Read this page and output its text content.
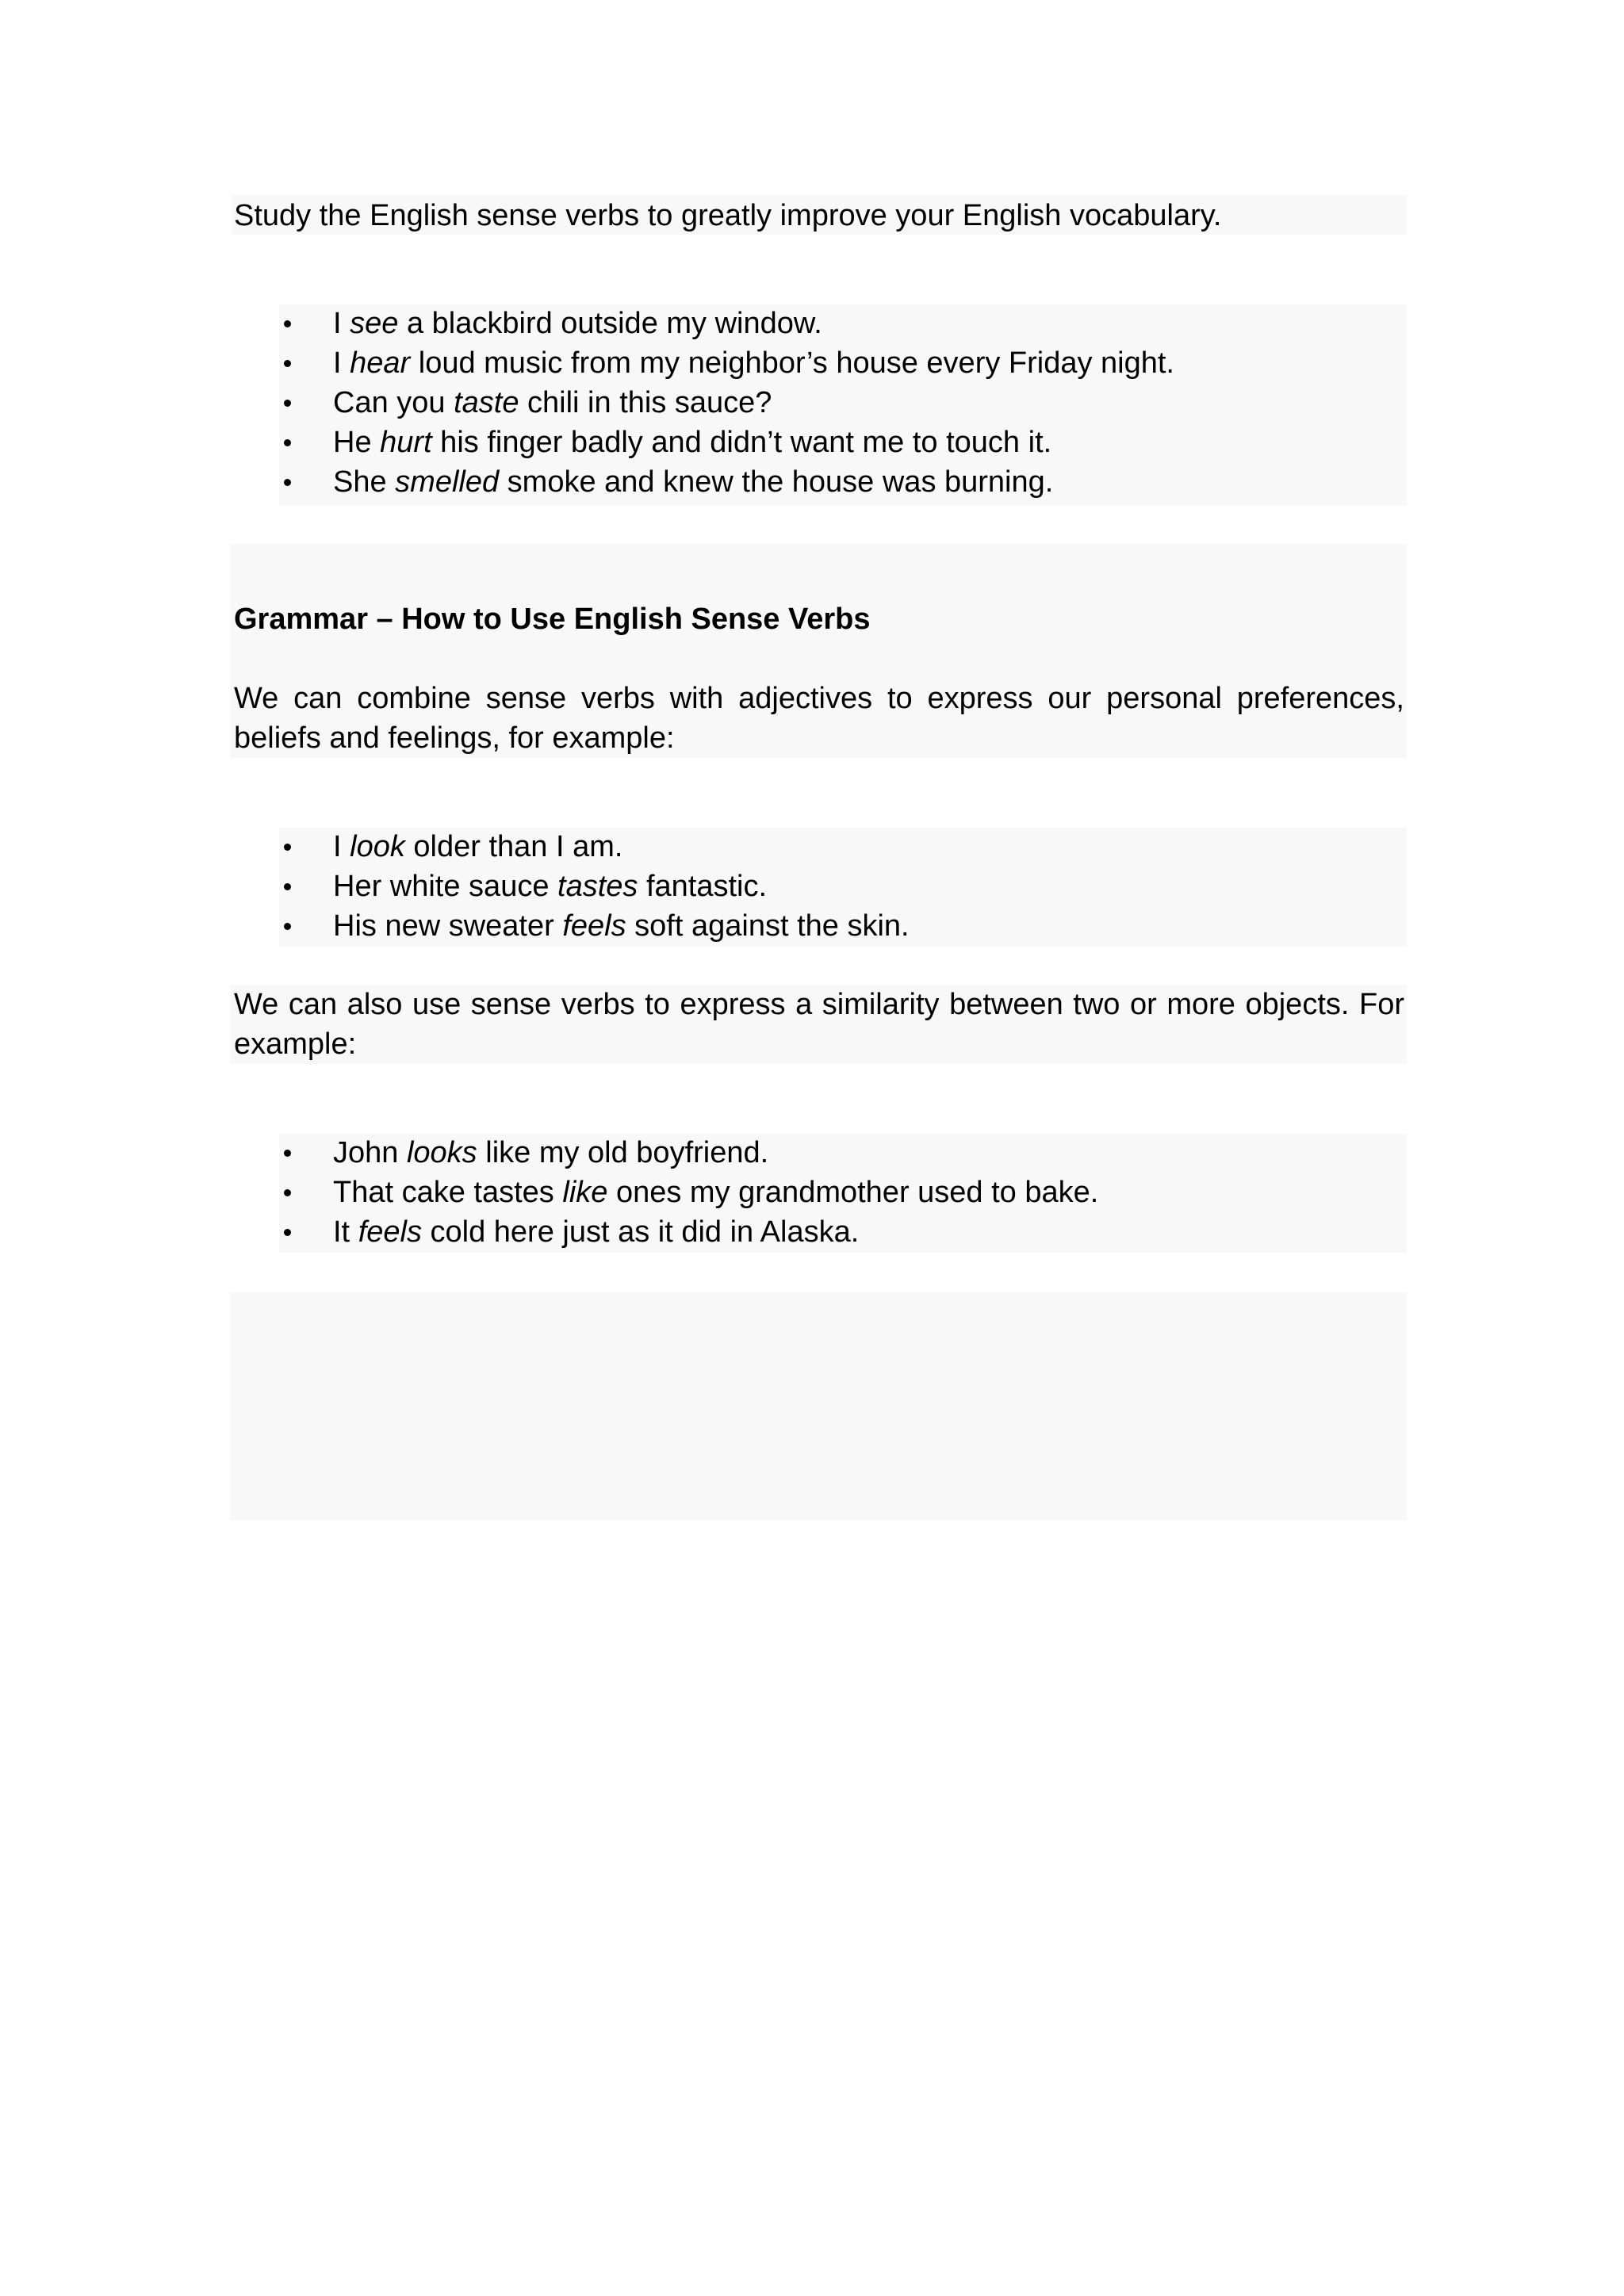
Study the English sense verbs to greatly improve your English vocabulary.
I see a blackbird outside my window.
I hear loud music from my neighbor’s house every Friday night.
Can you taste chili in this sauce?
He hurt his finger badly and didn’t want me to touch it.
She smelled smoke and knew the house was burning.
Grammar – How to Use English Sense Verbs
We can combine sense verbs with adjectives to express our personal preferences, beliefs and feelings, for example:
I look older than I am.
Her white sauce tastes fantastic.
His new sweater feels soft against the skin.
We can also use sense verbs to express a similarity between two or more objects. For example:
John looks like my old boyfriend.
That cake tastes like ones my grandmother used to bake.
It feels cold here just as it did in Alaska.
